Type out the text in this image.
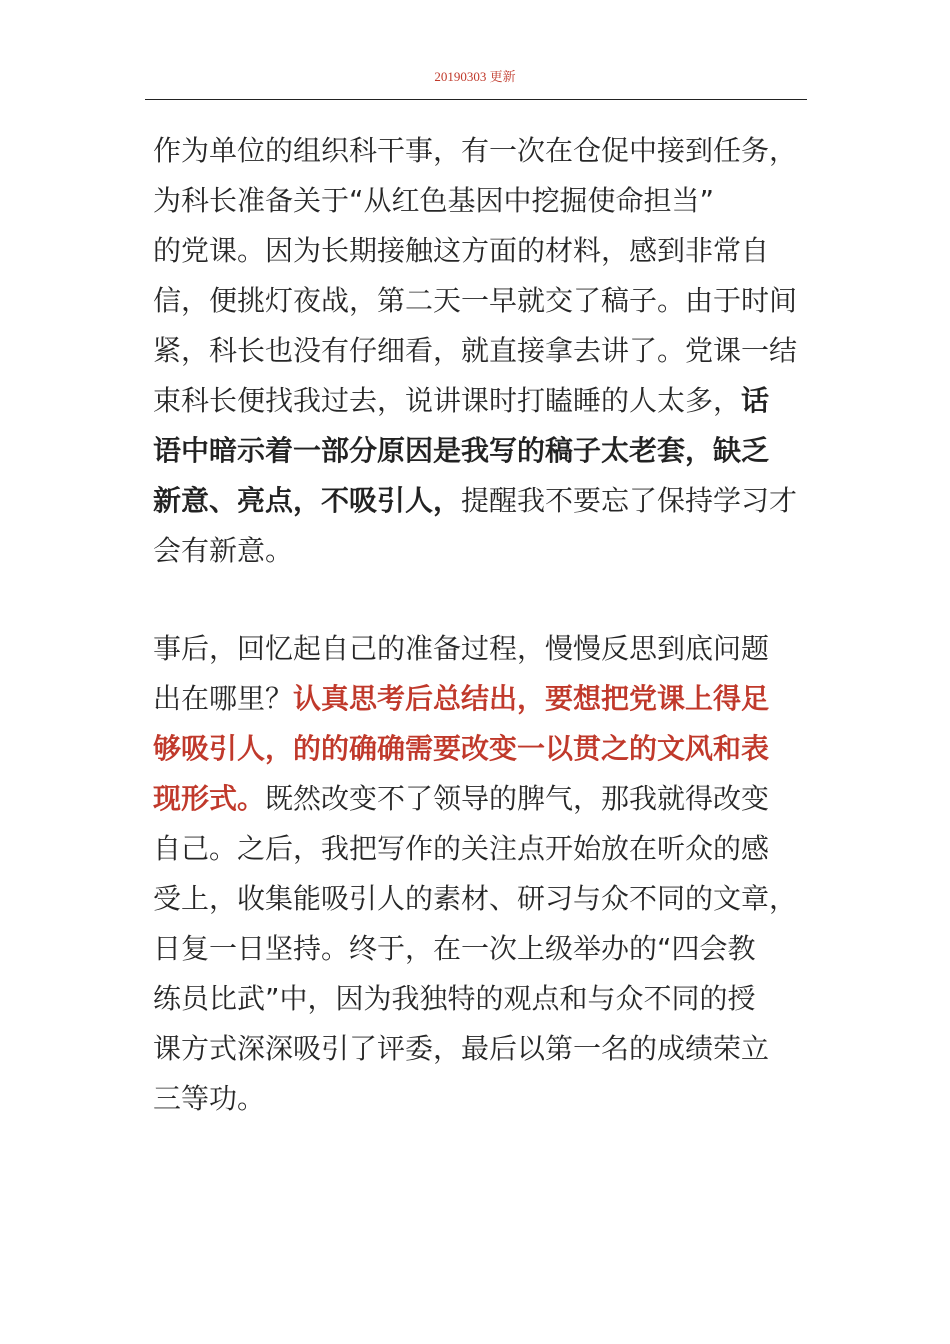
20190303 更新
作为单位的组织科干事，有一次在仓促中接到任务，
为科长准备关于“从红色基因中挖掘使命担当”
的党课。因为长期接触这方面的材料，感到非常自
信，便挑灯夜战，第二天一早就交了稿子。由于时间
紧，科长也没有仔细看，就直接拿去讲了。党课一结
束科长便找我过去，说讲课时打瞌睡的人太多，话
语中暗示着一部分原因是我写的稿子太老套，缺乏
新意、亮点，不吸引人，提醒我不要忘了保持学习才
会有新意。
事后，回忆起自己的准备过程，慢慢反思到底问题
出在哪里？认真思考后总结出，要想把党课上得足
够吸引人，的的确确需要改变一以贯之的文风和表
现形式。既然改变不了领导的脾气，那我就得改变
自己。之后，我把写作的关注点开始放在听众的感
受上，收集能吸引人的素材、研习与众不同的文章，
日复一日坚持。终于，在一次上级举办的“四会教
练员比武”中，因为我独特的观点和与众不同的授
课方式深深吸引了评委，最后以第一名的成绩荣立
三等功。
